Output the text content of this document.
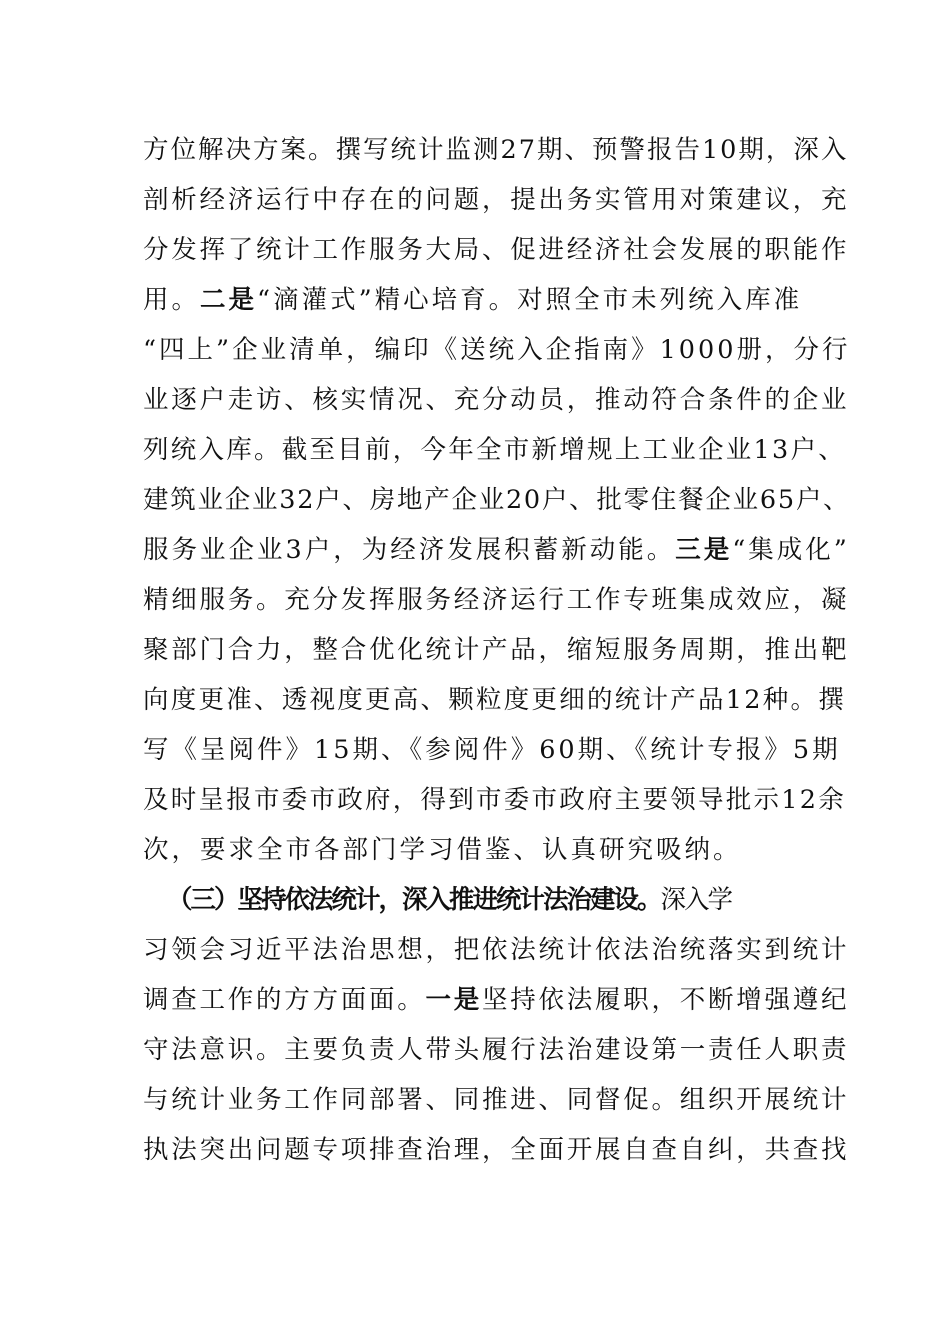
方位解决方案。撰写统计监测27期、预警报告10期，深入
剖析经济运行中存在的问题，提出务实管用对策建议，充
分发挥了统计工作服务大局、促进经济社会发展的职能作
用。二是“滴灌式”精心培育。对照全市未列统入库准
“四上”企业清单，编印《送统入企指南》1000册，分行
业逐户走访、核实情况、充分动员，推动符合条件的企业
列统入库。截至目前，今年全市新增规上工业企业13户、
建筑业企业32户、房地产企业20户、批零住餐企业65户、
服务业企业3户，为经济发展积蓄新动能。三是“集成化”
精细服务。充分发挥服务经济运行工作专班集成效应，凝
聚部门合力，整合优化统计产品，缩短服务周期，推出靶
向度更准、透视度更高、颗粒度更细的统计产品12种。撰
写《呈阅件》15期、《参阅件》60期、《统计专报》5期
及时呈报市委市政府，得到市委市政府主要领导批示12余
次，要求全市各部门学习借鉴、认真研究吸纳。
（三）坚持依法统计，深入推进统计法治建设。深入学
习领会习近平法治思想，把依法统计依法治统落实到统计
调查工作的方方面面。一是坚持依法履职，不断增强遵纪
守法意识。主要负责人带头履行法治建设第一责任人职责
与统计业务工作同部署、同推进、同督促。组织开展统计
执法突出问题专项排查治理，全面开展自查自纠，共查找
